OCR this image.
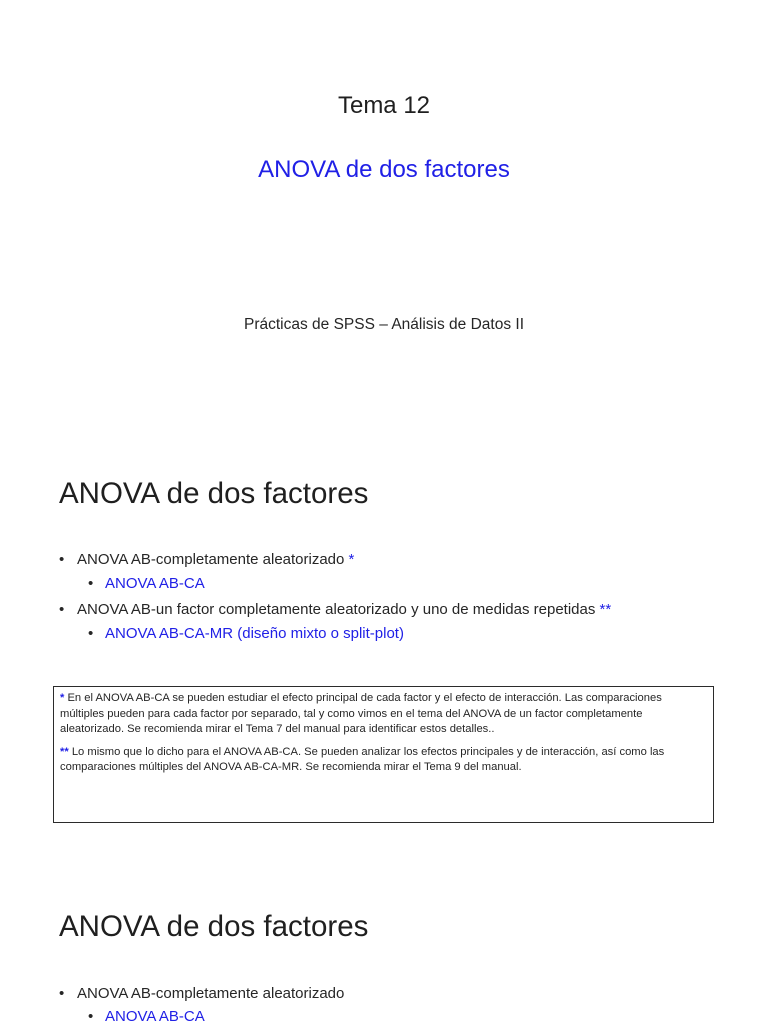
Tema 12
ANOVA de dos factores
Prácticas de SPSS – Análisis de Datos II
ANOVA de dos factores
• ANOVA AB-completamente aleatorizado *
• ANOVA AB-CA
• ANOVA AB-un factor completamente aleatorizado y uno de medidas repetidas **
• ANOVA AB-CA-MR (diseño mixto o split-plot)

* En el ANOVA AB-CA se pueden estudiar el efecto principal de cada factor y el efecto de interacción. Las comparaciones múltiples pueden para cada factor por separado, tal y como vimos en el tema del ANOVA de un factor completamente aleatorizado. Se recomienda mirar el Tema 7 del manual para identificar estos detalles..

** Lo mismo que lo dicho para el ANOVA AB-CA. Se pueden analizar los efectos principales y de interacción, así como las comparaciones múltiples del ANOVA AB-CA-MR. Se recomienda mirar el Tema 9 del manual.

ANOVA de dos factores
• ANOVA AB-completamente aleatorizado
• ANOVA AB-CA
